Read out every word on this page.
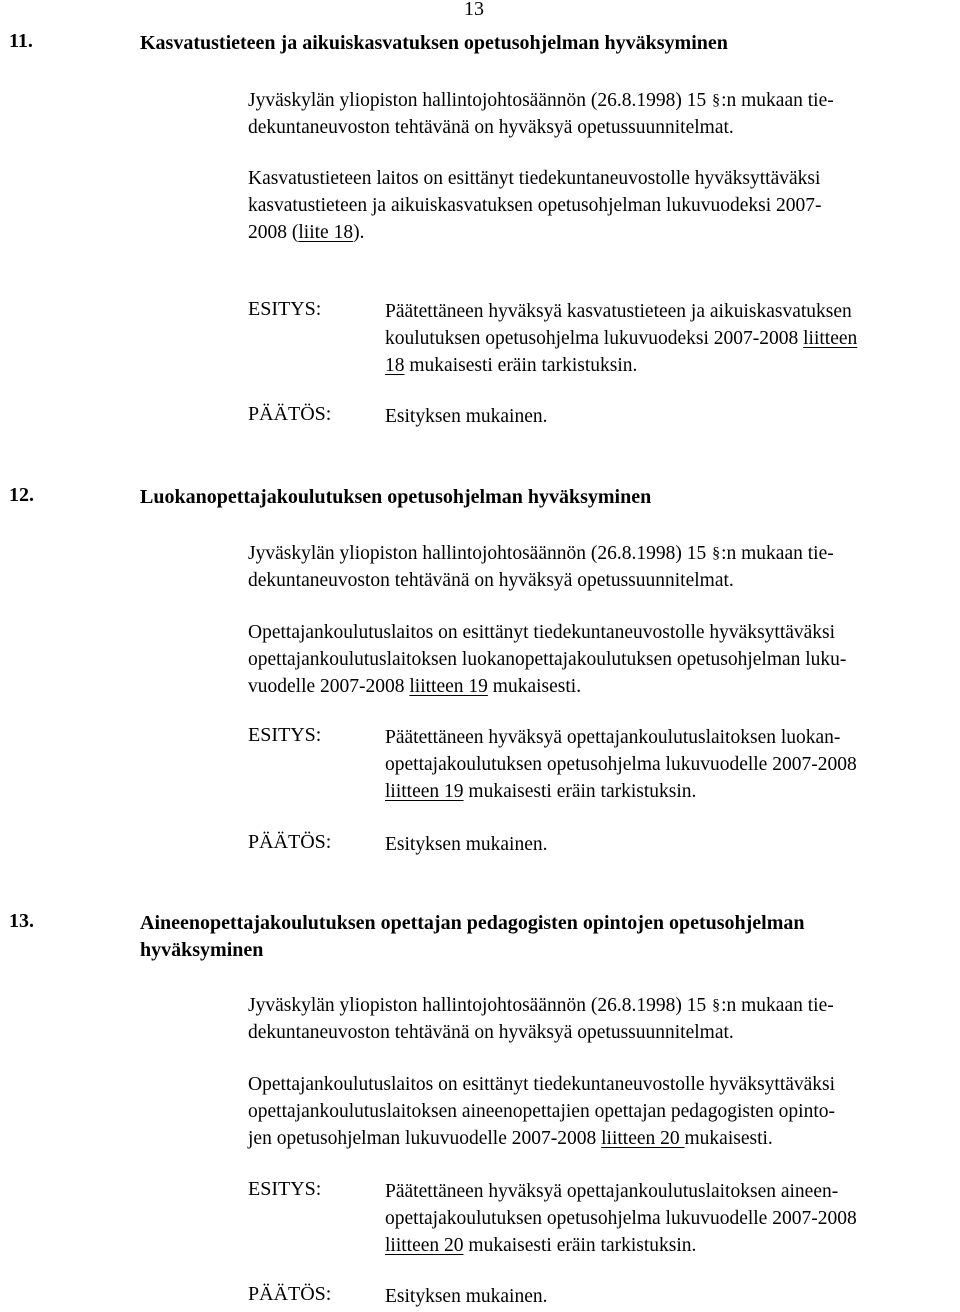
13
11.	Kasvatustieteen ja aikuiskasvatuksen opetusohjelman hyväksyminen
Jyväskylän yliopiston hallintojohtosäännön (26.8.1998) 15 §:n mukaan tie-
dekuntaneuvoston tehtävänä on hyväksyä opetussuunnitelmat.
Kasvatustieteen laitos on esittänyt tiedekuntaneuvostolle hyväksyttäväksi
kasvatustieteen ja aikuiskasvatuksen opetusohjelman lukuvuodeksi 2007-
2008 (liite 18).
ESITYS:	Päätettäneen hyväksyä kasvatustieteen ja aikuiskasvatuksen
koulutuksen opetusohjelma lukuvuodeksi 2007-2008 liitteen
18 mukaisesti eräin tarkistuksin.
PÄÄTÖS:	Esityksen mukainen.
12.	Luokanopettajakoulutuksen opetusohjelman hyväksyminen
Jyväskylän yliopiston hallintojohtosäännön (26.8.1998) 15 §:n mukaan tie-
dekuntaneuvoston tehtävänä on hyväksyä opetussuunnitelmat.
Opettajankoulutuslaitos on esittänyt tiedekuntaneuvostolle hyväksyttäväksi
opettajankoulutuslaitoksen luokanopettajakoulutuksen opetusohjelman luku-
vuodelle 2007-2008 liitteen 19 mukaisesti.
ESITYS:	Päätettäneen hyväksyä opettajankoulutuslaitoksen luokan-
opettajakoulutuksen opetusohjelma lukuvuodelle 2007-2008
liitteen 19 mukaisesti eräin tarkistuksin.
PÄÄTÖS:	Esityksen mukainen.
13.	Aineenopettajakoulutuksen opettajan pedagogisten opintojen opetusohjelman
hyväksyminen
Jyväskylän yliopiston hallintojohtosäännön (26.8.1998) 15 §:n mukaan tie-
dekuntaneuvoston tehtävänä on hyväksyä opetussuunnitelmat.
Opettajankoulutuslaitos on esittänyt tiedekuntaneuvostolle hyväksyttäväksi
opettajankoulutuslaitoksen aineenopettajien opettajan pedagogisten opinto-
jen opetusohjelman lukuvuodelle 2007-2008 liitteen 20 mukaisesti.
ESITYS:	Päätettäneen hyväksyä opettajankoulutuslaitoksen aineen-
opettajakoulutuksen opetusohjelma lukuvuodelle 2007-2008
liitteen 20 mukaisesti eräin tarkistuksin.
PÄÄTÖS:	Esityksen mukainen.
